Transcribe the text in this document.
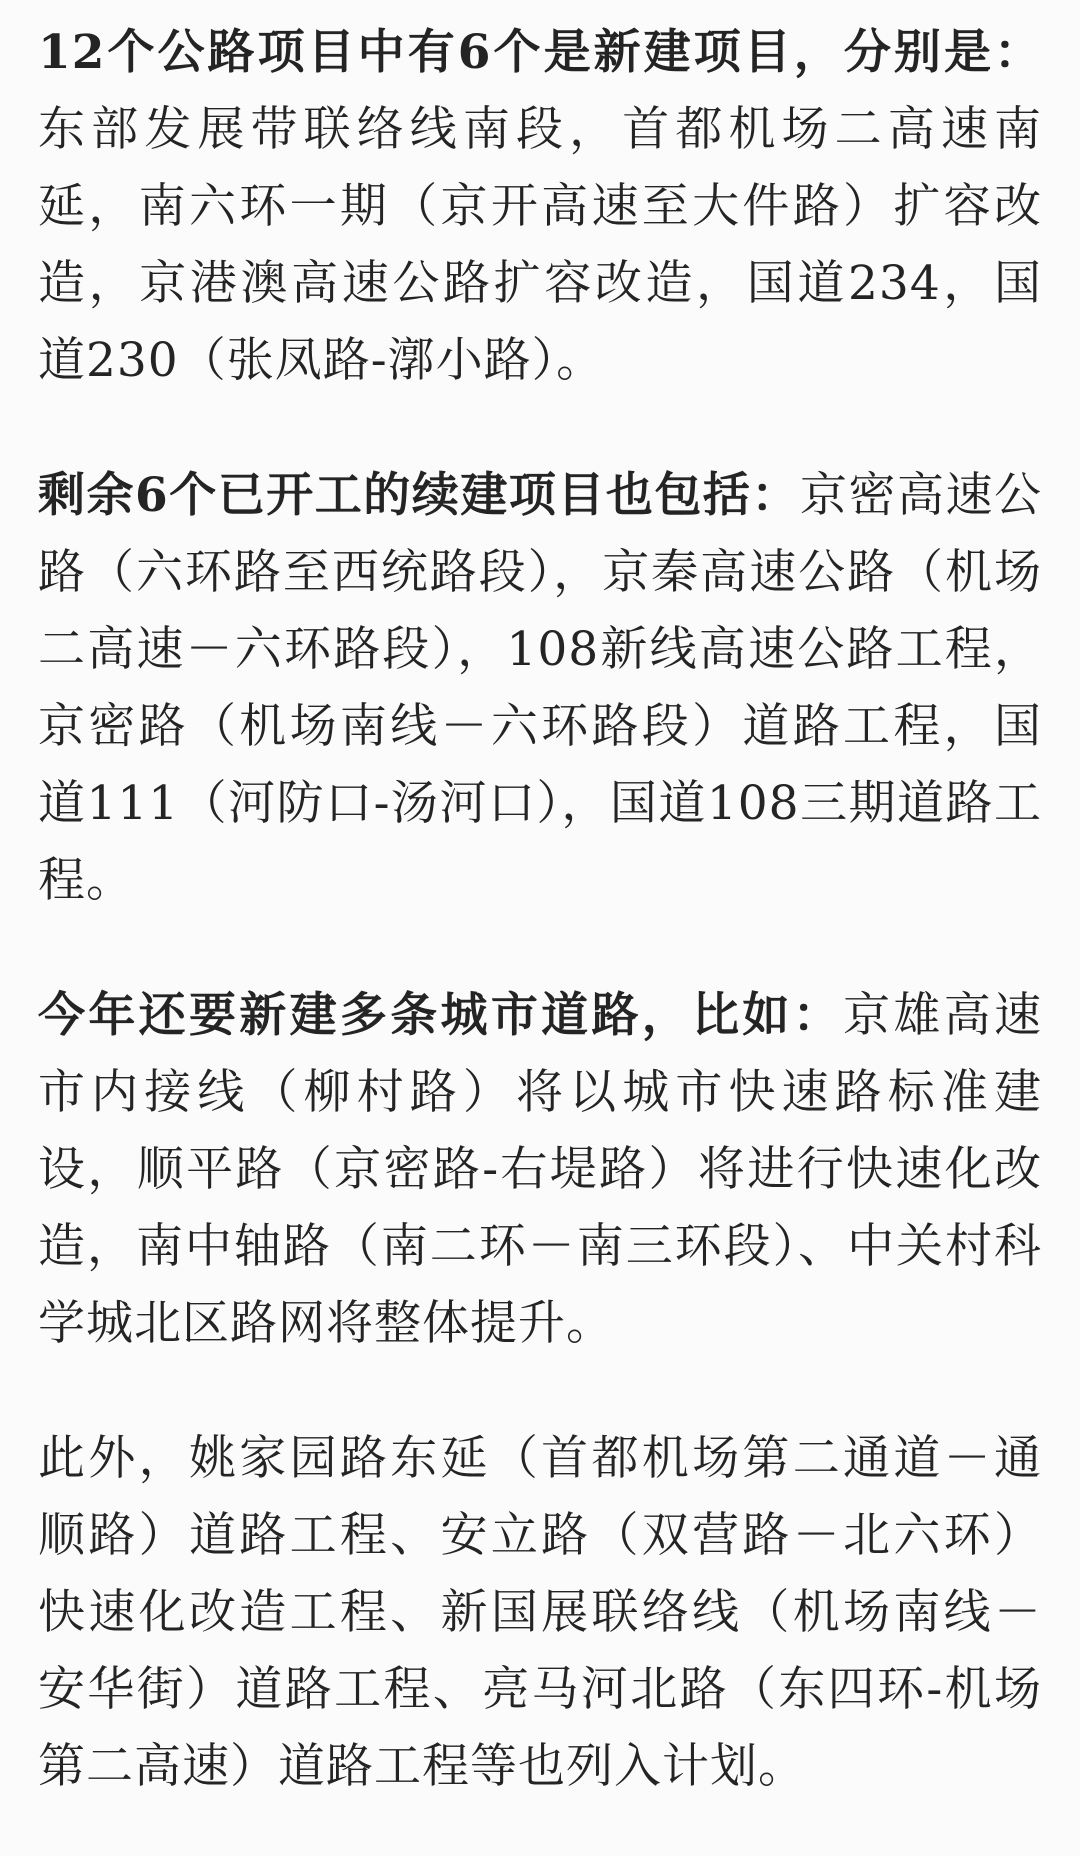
12个公路项目中有6个是新建项目，分别是：东部发展带联络线南段，首都机场二高速南延，南六环一期（京开高速至大件路）扩容改造，京港澳高速公路扩容改造，国道234，国道230（张凤路-漷小路）。

剩余6个已开工的续建项目也包括：京密高速公路（六环路至西统路段），京秦高速公路（机场二高速－六环路段），108新线高速公路工程，京密路（机场南线－六环路段）道路工程，国道111（河防口-汤河口），国道108三期道路工程。

今年还要新建多条城市道路，比如：京雄高速市内接线（柳村路）将以城市快速路标准建设，顺平路（京密路-右堤路）将进行快速化改造，南中轴路（南二环－南三环段）、中关村科学城北区路网将整体提升。

此外，姚家园路东延（首都机场第二通道－通顺路）道路工程、安立路（双营路－北六环）快速化改造工程、新国展联络线（机场南线－安华街）道路工程、亮马河北路（东四环-机场第二高速）道路工程等也列入计划。
